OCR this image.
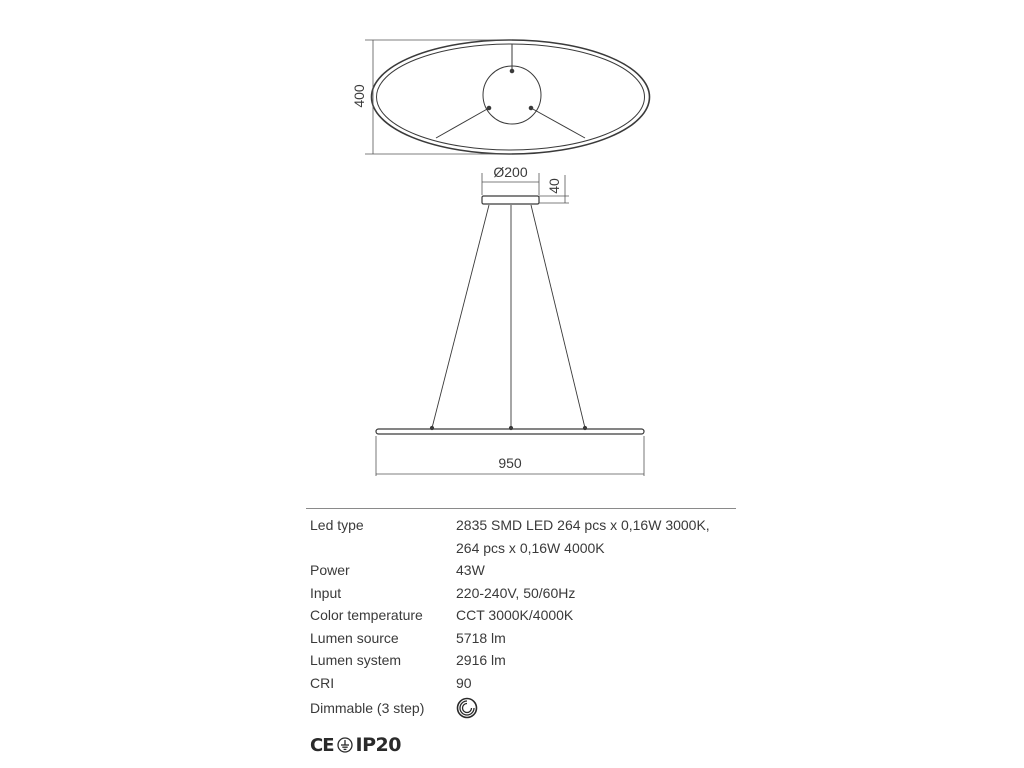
400
Ø200
40
950
Led type	2835 SMD LED 264 pcs x 0,16W 3000K,
264 pcs x 0,16W 4000K
Power	43W
Input	220-240V, 50/60Hz
Color temperature	CCT 3000K/4000K
Lumen source	5718 lm
Lumen system	2916 lm
CRI	90
Dimmable (3 step)
CE IP20
